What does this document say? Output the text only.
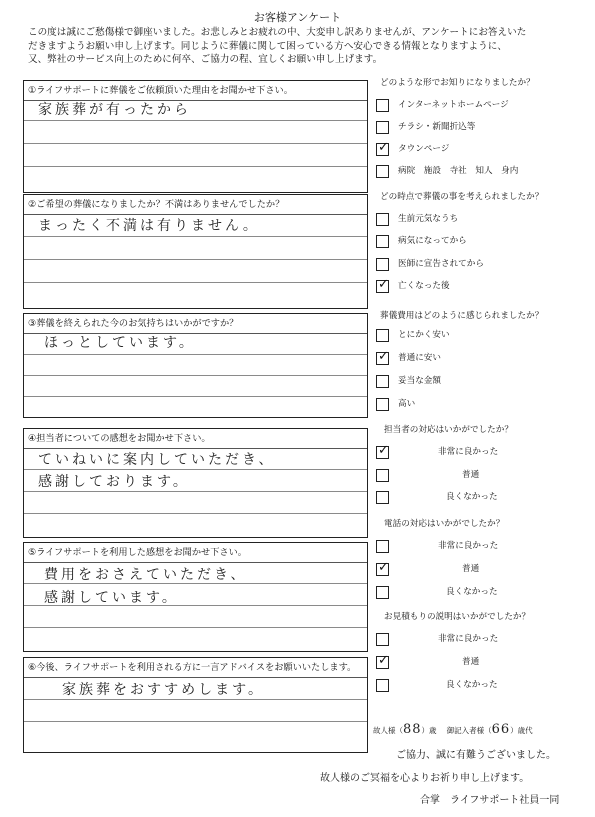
お客様アンケート
この度は誠にご愁傷様で御座いました。お悲しみとお疲れの中、大変申し訳ありませんが、アンケートにお答えいた
だきますようお願い申し上げます。同じように葬儀に関して困っている方へ安心できる情報となりますように、
又、弊社のサービス向上のために何卒、ご協力の程、宜しくお願い申し上げます。
①ライフサポートに葬儀をご依頼頂いた理由をお聞かせ下さい。
家族葬が有ったから
②ご希望の葬儀になりましたか？不満はありませんでしたか？
まったく不満は有りません。
③葬儀を終えられた今のお気持ちはいかがですか？
ほっとしています。
④担当者についての感想をお聞かせ下さい。
ていねいに案内していただき、
感謝しております。
⑤ライフサポートを利用した感想をお聞かせ下さい。
費用をおさえていただき、
感謝しています。
⑥今後、ライフサポートを利用される方に一言アドバイスをお願いいたします。
家族葬をおすすめします。
どのような形でお知りになりましたか？
インターネットホームページ
チラシ・新聞折込等
✓ タウンページ
病院　施設　寺社　知人　身内
どの時点で葬儀の事を考えられましたか？
生前元気なうち
病気になってから
医師に宣告されてから
✓ 亡くなった後
葬儀費用はどのように感じられましたか？
とにかく安い
✓ 普通に安い
妥当な金額
高い
担当者の対応はいかがでしたか？
✓	非常に良かった
普通
良くなかった
電話の対応はいかがでしたか？
非常に良かった
✓	普通
良くなかった
お見積もりの説明はいかがでしたか？
非常に良かった
✓	普通
良くなかった
故人様（88）歳 御記入者様（66）歳代
ご協力、誠に有難うございました。
故人様のご冥福を心よりお祈り申し上げます。
合掌　ライフサポート社員一同
